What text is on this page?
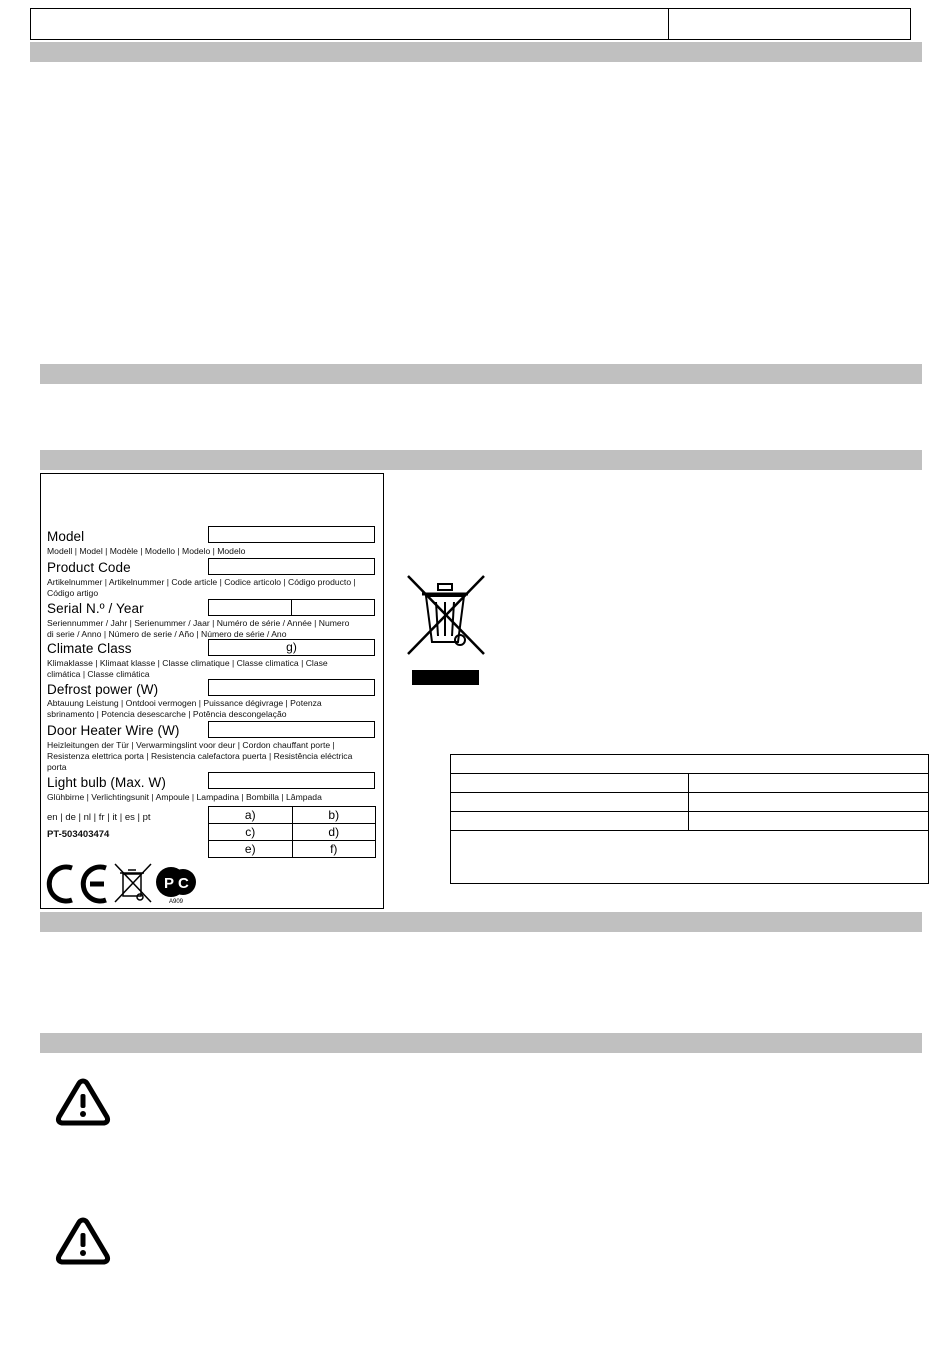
Model
Modell | Model | Modèle | Modello | Modelo | Modelo
Product Code
Artikelnummer | Artikelnummer | Code article | Codice articolo | Código producto | Código artigo
Serial N.º / Year
Seriennummer / Jahr | Serienummer / Jaar | Numéro de série / Année | Numero di serie / Anno | Número de serie / Año | Número de série / Ano
Climate Class	g)
Klimaklasse | Klimaat klasse | Classe climatique | Classe climatica | Clase climática | Classe climática
Defrost power (W)
Abtauung Leistung | Ontdooi vermogen | Puissance dégivrage | Potenza sbrinamento | Potencia desescarche | Potência descongelação
Door Heater Wire (W)
Heizleitungen der Tür | Verwarmingslint voor deur | Cordon chauffant porte | Resistenza elettrica porta | Resistencia calefactora puerta | Resistência eléctrica porta
Light bulb (Max. W)
Glühbirne | Verlichtingsunit | Ampoule | Lampadina | Bombilla | Lâmpada
en | de | nl | fr | it | es | pt
PT-503403474
a)	b)
c)	d)
e)	f)
P C
A909
